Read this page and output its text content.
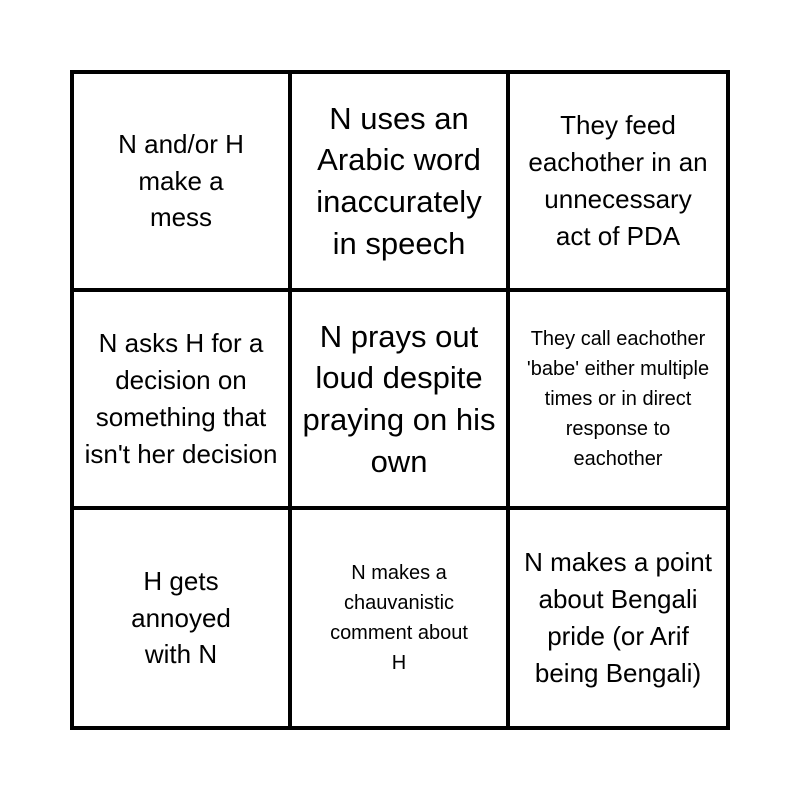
N and/or H make a mess
N uses an Arabic word inaccurately in speech
They feed eachother in an unnecessary act of PDA
N asks H for a decision on something that isn't her decision
N prays out loud despite praying on his own
They call eachother 'babe' either multiple times or in direct response to eachother
H gets annoyed with N
N makes a chauvanistic comment about H
N makes a point about Bengali pride (or Arif being Bengali)
